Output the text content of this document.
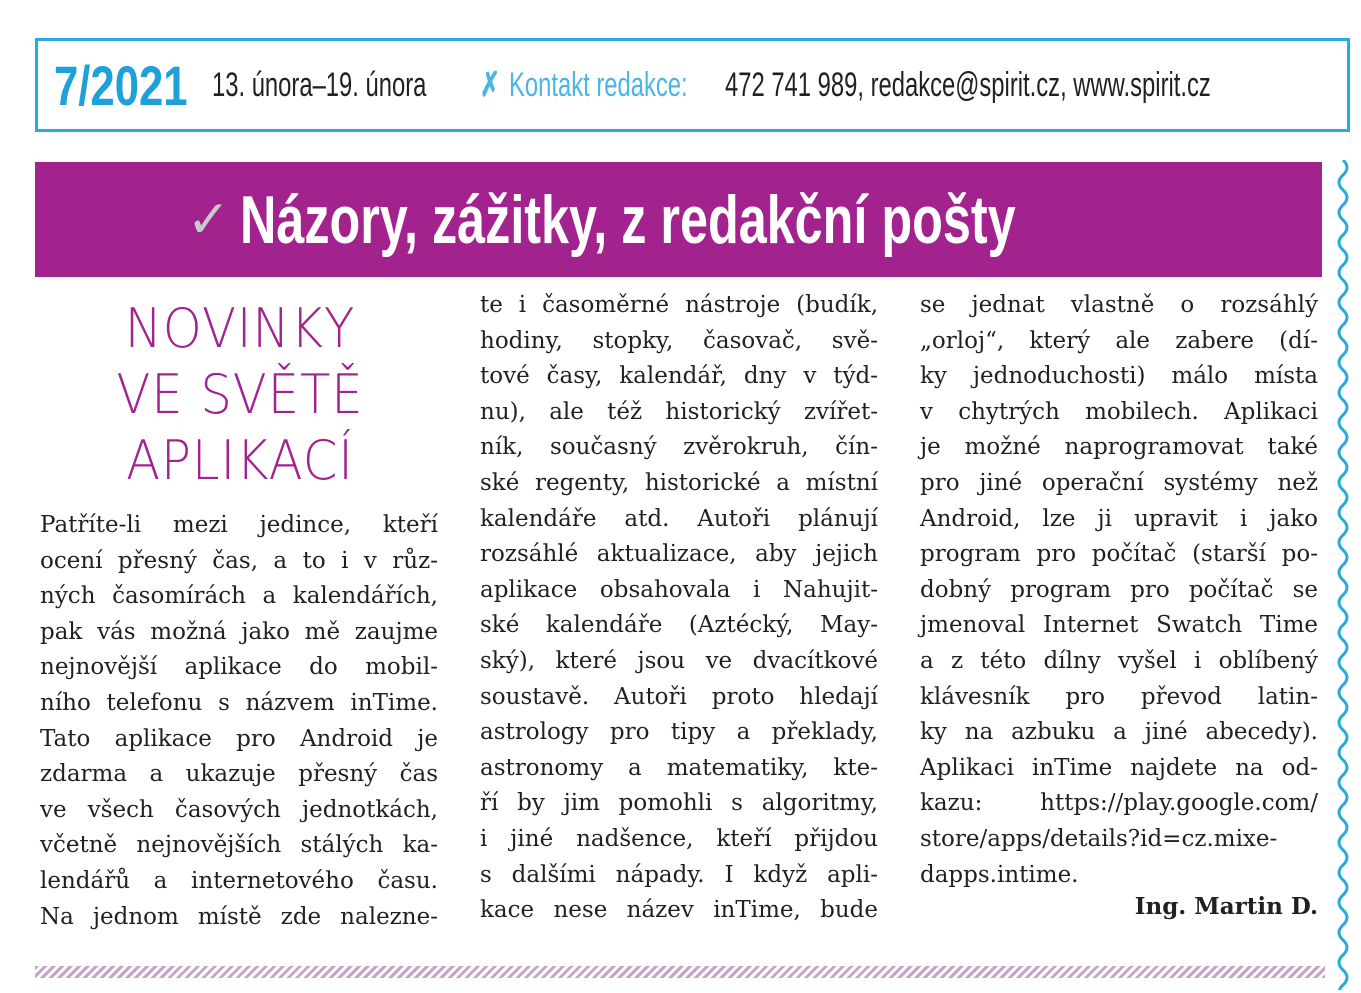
7/2021 13. února–19. února ✗ Kontakt redakce: 472 741 989, redakce@spirit.cz, www.spirit.cz
✓ Názory, zážitky, z redakční pošty
NOVINKY
VE SVĚTĚ
APLIKACÍ
Patříte-li mezi jedince, kteří
ocení přesný čas, a to i v růz-
ných časomírách a kalendářích,
pak vás možná jako mě zaujme
nejnovější aplikace do mobil-
ního telefonu s názvem inTime.
Tato aplikace pro Android je
zdarma a ukazuje přesný čas
ve všech časových jednotkách,
včetně nejnovějších stálých ka-
lendářů a internetového času.
Na jednom místě zde nalezne-
te i časoměrné nástroje (budík,
hodiny, stopky, časovač, svě-
tové časy, kalendář, dny v týd-
nu), ale též historický zvířet-
ník, současný zvěrokruh, čín-
ské regenty, historické a místní
kalendáře atd. Autoři plánují
rozsáhlé aktualizace, aby jejich
aplikace obsahovala i Nahujit-
ské kalendáře (Aztécký, May-
ský), které jsou ve dvacítkové
soustavě. Autoři proto hledají
astrology pro tipy a překlady,
astronomy a matematiky, kte-
ří by jim pomohli s algoritmy,
i jiné nadšence, kteří přijdou
s dalšími nápady. I když apli-
kace nese název inTime, bude
se jednat vlastně o rozsáhlý
„orloj“, který ale zabere (dí-
ky jednoduchosti) málo místa
v chytrých mobilech. Aplikaci
je možné naprogramovat také
pro jiné operační systémy než
Android, lze ji upravit i jako
program pro počítač (starší po-
dobný program pro počítač se
jmenoval Internet Swatch Time
a z této dílny vyšel i oblíbený
klávesník pro převod latin-
ky na azbuku a jiné abecedy).
Aplikaci inTime najdete na od-
kazu: https://play.google.com/
store/apps/details?id=cz.mixe-
dapps.intime.
Ing. Martin D.
